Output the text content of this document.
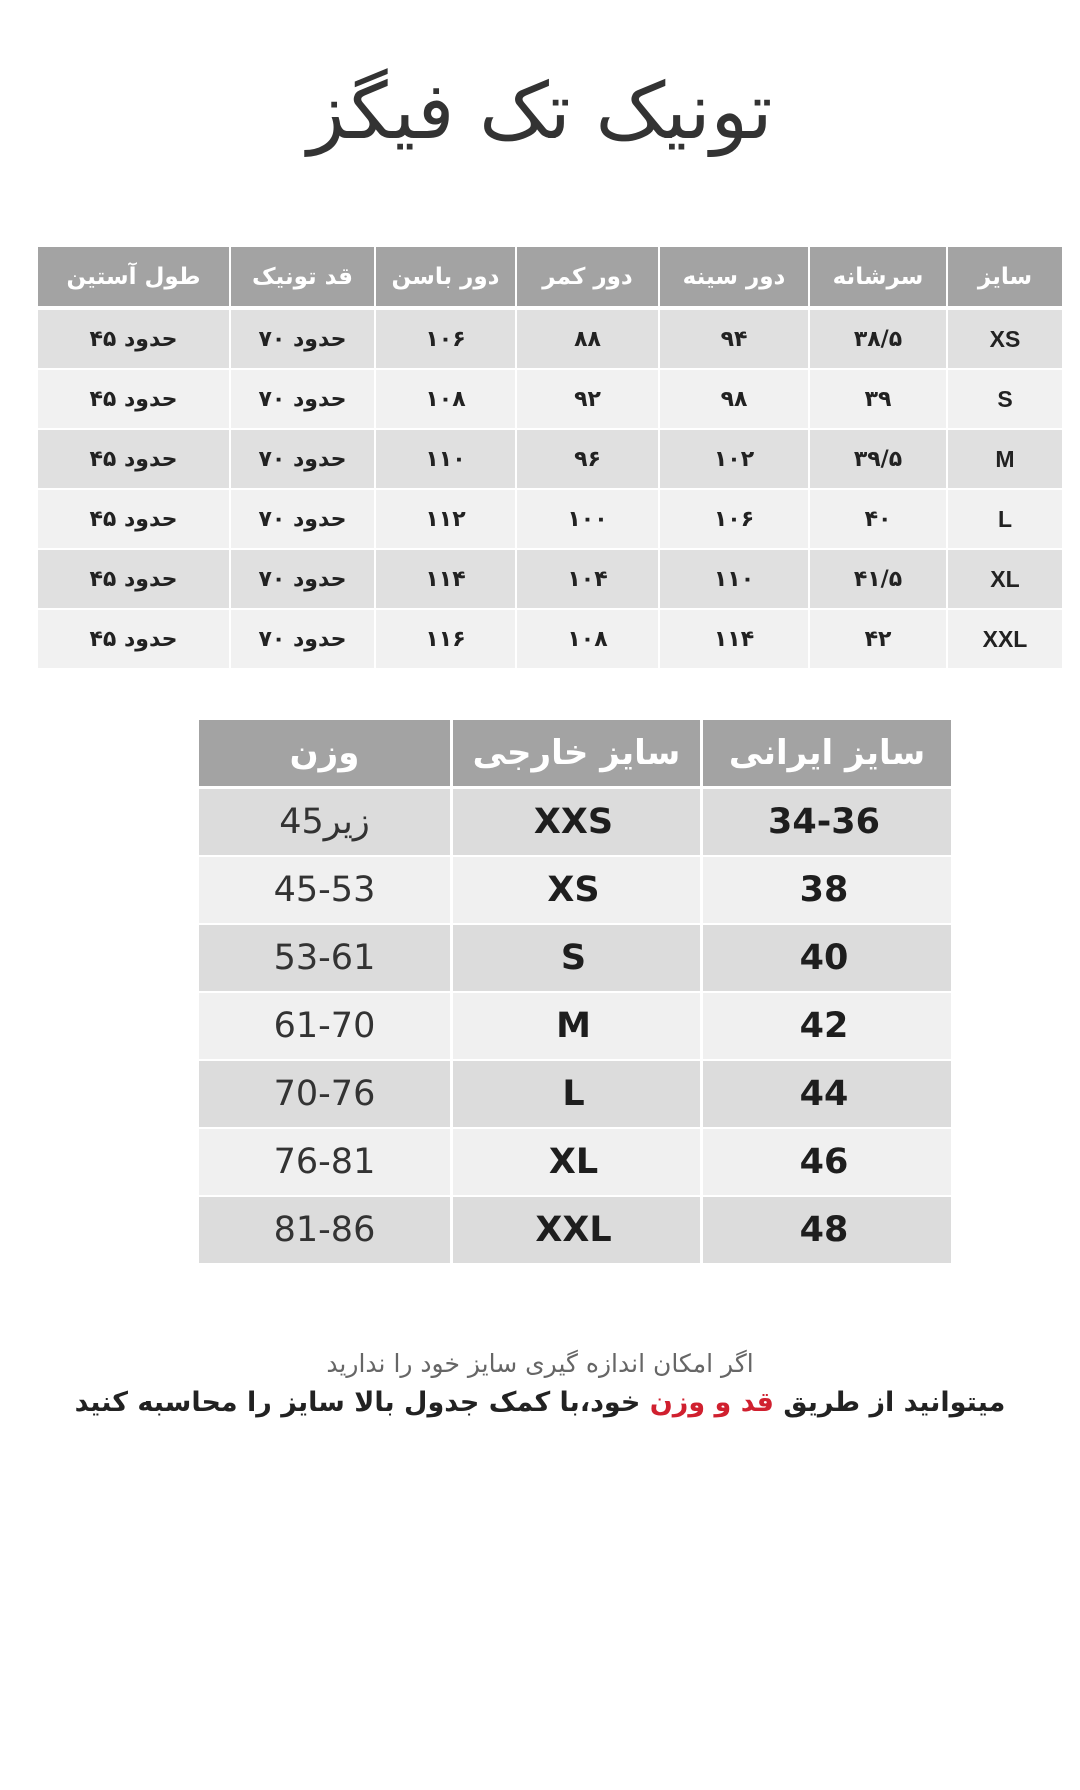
تونیک تک فیگز
سایز	سرشانه	دور سینه	دور کمر	دور باسن	قد تونیک	طول آستین
XS	۳۸/۵	۹۴	۸۸	۱۰۶	حدود ۷۰	حدود ۴۵
S	۳۹	۹۸	۹۲	۱۰۸	حدود ۷۰	حدود ۴۵
M	۳۹/۵	۱۰۲	۹۶	۱۱۰	حدود ۷۰	حدود ۴۵
L	۴۰	۱۰۶	۱۰۰	۱۱۲	حدود ۷۰	حدود ۴۵
XL	۴۱/۵	۱۱۰	۱۰۴	۱۱۴	حدود ۷۰	حدود ۴۵
XXL	۴۲	۱۱۴	۱۰۸	۱۱۶	حدود ۷۰	حدود ۴۵
سایز ایرانی	سایز خارجی	وزن
34-36	XXS	زیر45
38	XS	45-53
40	S	53-61
42	M	61-70
44	L	70-76
46	XL	76-81
48	XXL	81-86
اگر امکان اندازه گیری سایز خود را ندارید
میتوانید از طریق قد و وزن خود،با کمک جدول بالا سایز را محاسبه کنید
